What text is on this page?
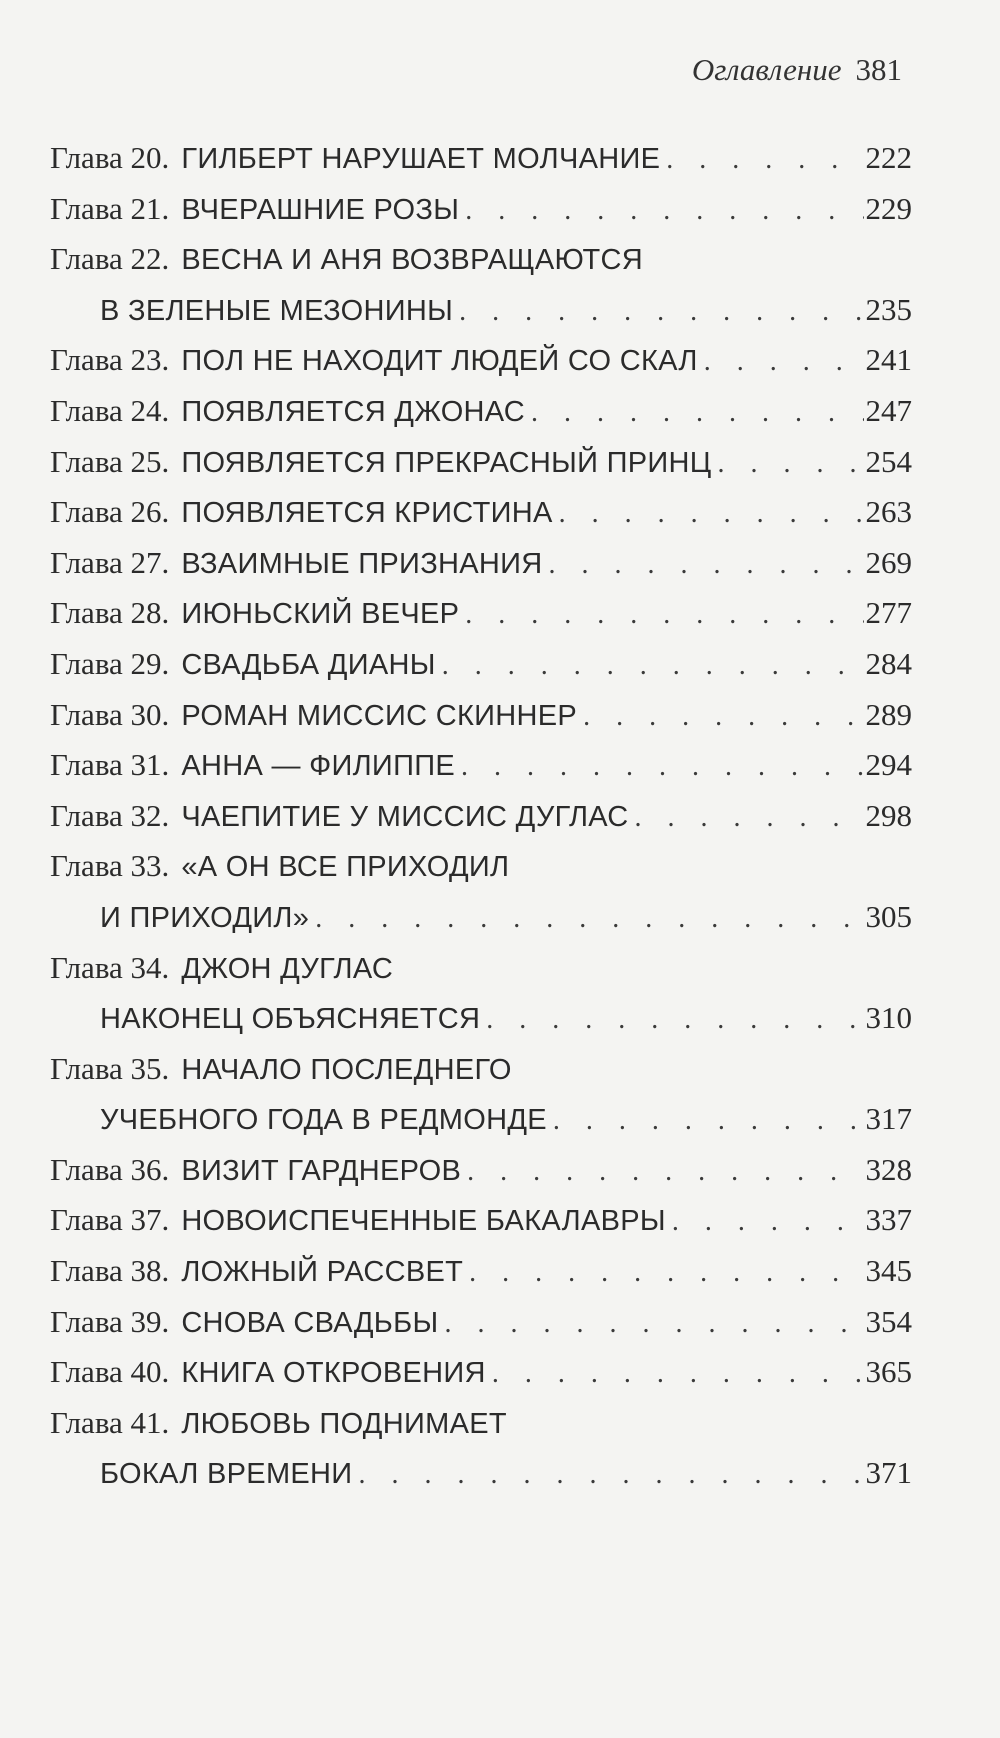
Оглавление 381
Глава 20. ГИЛБЕРТ НАРУШАЕТ МОЛЧАНИЕ . . .	222
Глава 21. ВЧЕРАШНИЕ РОЗЫ . . .	229
Глава 22. ВЕСНА И АНЯ ВОЗВРАЩАЮТСЯ
В ЗЕЛЕНЫЕ МЕЗОНИНЫ . . .	235
Глава 23. ПОЛ НЕ НАХОДИТ ЛЮДЕЙ СО СКАЛ . . .	241
Глава 24. ПОЯВЛЯЕТСЯ ДЖОНАС . . .	247
Глава 25. ПОЯВЛЯЕТСЯ ПРЕКРАСНЫЙ ПРИНЦ . . .	254
Глава 26. ПОЯВЛЯЕТСЯ КРИСТИНА . . .	263
Глава 27. ВЗАИМНЫЕ ПРИЗНАНИЯ . . .	269
Глава 28. ИЮНЬСКИЙ ВЕЧЕР . . .	277
Глава 29. СВАДЬБА ДИАНЫ . . .	284
Глава 30. РОМАН МИССИС СКИННЕР . . .	289
Глава 31. АННА — ФИЛИППЕ . . .	294
Глава 32. ЧАЕПИТИЕ У МИССИС ДУГЛАС . . .	298
Глава 33. «А ОН ВСЕ ПРИХОДИЛ
И ПРИХОДИЛ» . . .	305
Глава 34. ДЖОН ДУГЛАС
НАКОНЕЦ ОБЪЯСНЯЕТСЯ . . .	310
Глава 35. НАЧАЛО ПОСЛЕДНЕГО
УЧЕБНОГО ГОДА В РЕДМОНДЕ . . .	317
Глава 36. ВИЗИТ ГАРДНЕРОВ . . .	328
Глава 37. НОВОИСПЕЧЕННЫЕ БАКАЛАВРЫ . . .	337
Глава 38. ЛОЖНЫЙ РАССВЕТ . . .	345
Глава 39. СНОВА СВАДЬБЫ . . .	354
Глава 40. КНИГА ОТКРОВЕНИЯ . . .	365
Глава 41. ЛЮБОВЬ ПОДНИМАЕТ
БОКАЛ ВРЕМЕНИ . . .	371
